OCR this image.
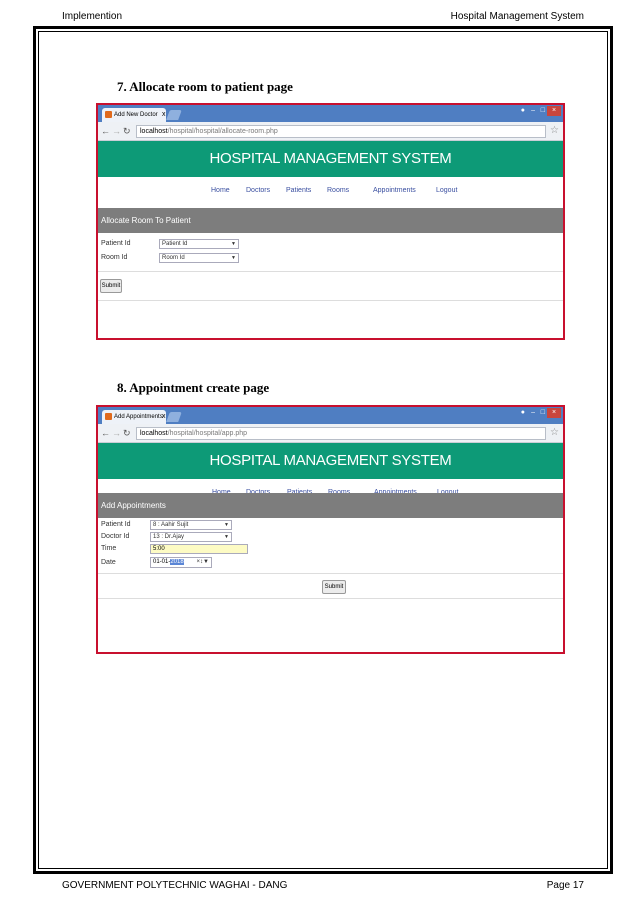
Implemention	Hospital Management System
7. Allocate room to patient page
Add New Doctor x
● – □ ×
← → ↻	localhost/hospital/hospital/allocate-room.php	☆
HOSPITAL MANAGEMENT SYSTEM
Home Doctors Patients Rooms	Appointments	Logout
Allocate Room To Patient
Patient Id	Patient Id	▼
Room Id	Room Id	▼
Submit
8. Appointment create page
Add Appointments x
● – □ ×
← → ↻	localhost/hospital/hospital/app.php	☆
HOSPITAL MANAGEMENT SYSTEM
Add Appointments
Patient Id	8 : Aahir Sujit	▼
Doctor Id	13 : Dr.Ajay	▼
Time	5:00
Date	01-01-2018 ×↕▼
Submit
GOVERNMENT POLYTECHNIC WAGHAI - DANG	Page 17
